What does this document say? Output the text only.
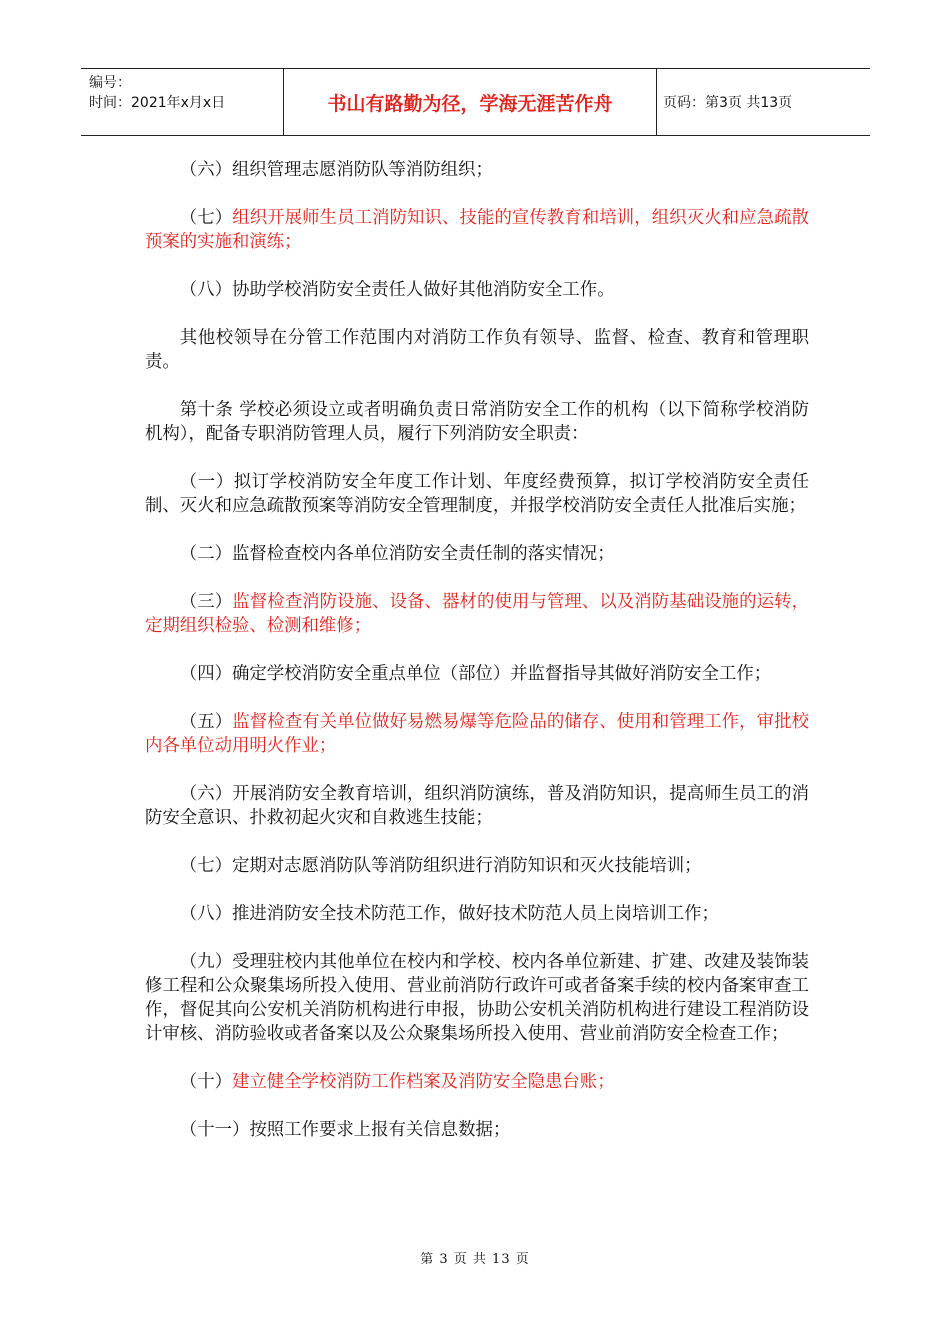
编号：
时间：2021年x月x日	书山有路勤为径，学海无涯苦作舟	页码：第3页 共13页

（六）组织管理志愿消防队等消防组织；

（七）组织开展师生员工消防知识、技能的宣传教育和培训，组织灭火和应急疏散预案的实施和演练；

（八）协助学校消防安全责任人做好其他消防安全工作。

其他校领导在分管工作范围内对消防工作负有领导、监督、检查、教育和管理职责。

第十条 学校必须设立或者明确负责日常消防安全工作的机构（以下简称学校消防机构），配备专职消防管理人员，履行下列消防安全职责：

（一）拟订学校消防安全年度工作计划、年度经费预算，拟订学校消防安全责任制、灭火和应急疏散预案等消防安全管理制度，并报学校消防安全责任人批准后实施；

（二）监督检查校内各单位消防安全责任制的落实情况；

（三）监督检查消防设施、设备、器材的使用与管理、以及消防基础设施的运转，定期组织检验、检测和维修；

（四）确定学校消防安全重点单位（部位）并监督指导其做好消防安全工作；

（五）监督检查有关单位做好易燃易爆等危险品的储存、使用和管理工作，审批校内各单位动用明火作业；

（六）开展消防安全教育培训，组织消防演练，普及消防知识，提高师生员工的消防安全意识、扑救初起火灾和自救逃生技能；

（七）定期对志愿消防队等消防组织进行消防知识和灭火技能培训；

（八）推进消防安全技术防范工作，做好技术防范人员上岗培训工作；

（九）受理驻校内其他单位在校内和学校、校内各单位新建、扩建、改建及装饰装修工程和公众聚集场所投入使用、营业前消防行政许可或者备案手续的校内备案审查工作，督促其向公安机关消防机构进行申报，协助公安机关消防机构进行建设工程消防设计审核、消防验收或者备案以及公众聚集场所投入使用、营业前消防安全检查工作；

（十）建立健全学校消防工作档案及消防安全隐患台账；

（十一）按照工作要求上报有关信息数据；

第 3 页 共 13 页
